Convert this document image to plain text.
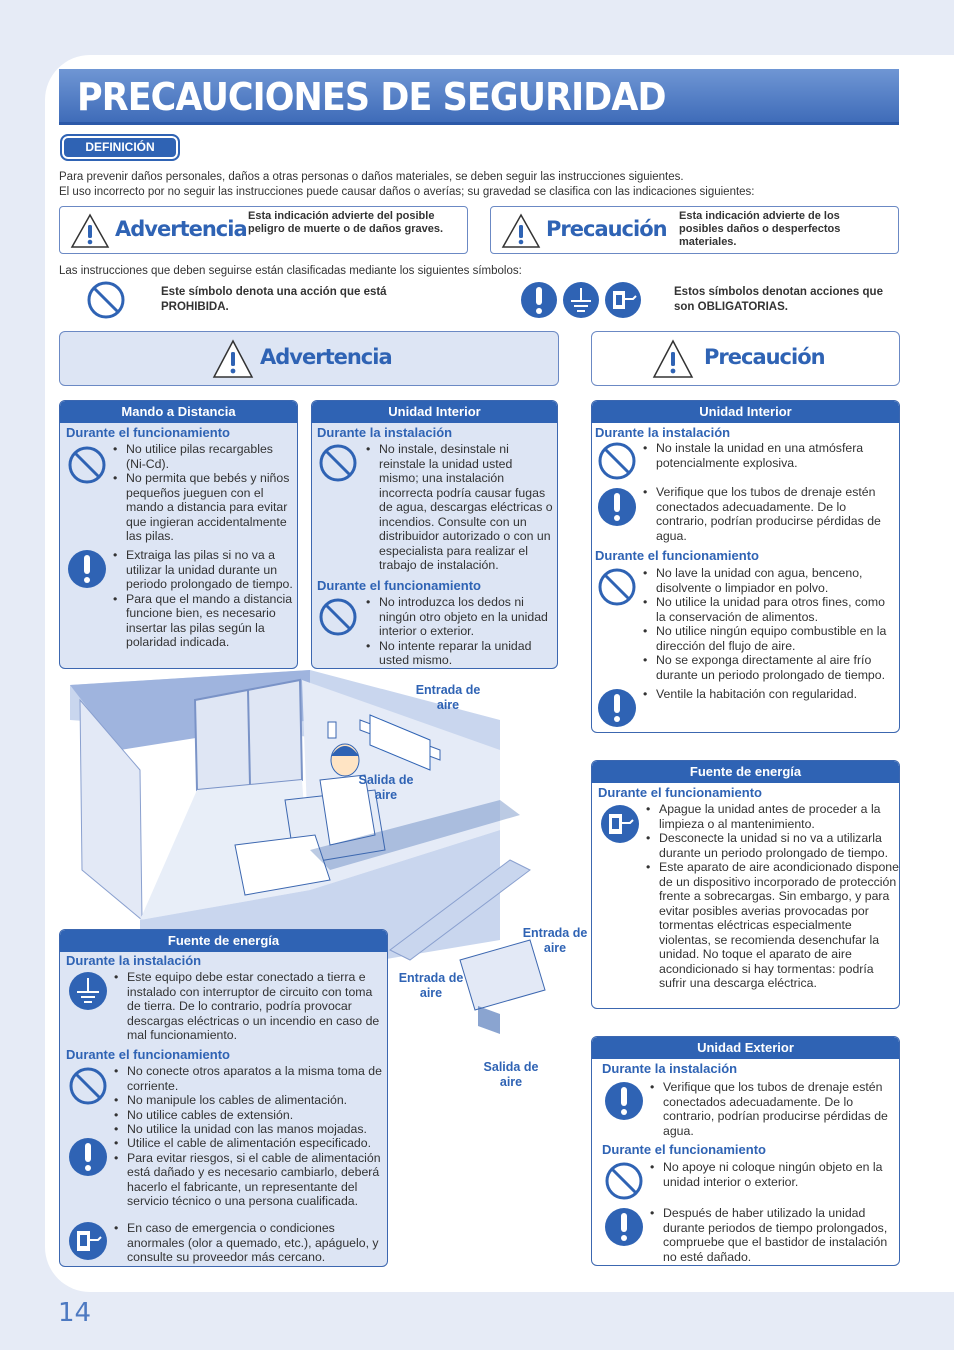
PRECAUCIONES DE SEGURIDAD
DEFINICIÓN
Para prevenir daños personales, daños a otras personas o daños materiales, se deben seguir las instrucciones siguientes.
El uso incorrecto por no seguir las instrucciones puede causar daños o averías; su gravedad se clasifica con las indicaciones siguientes:
Advertencia
Esta indicación advierte del posible peligro de muerte o de daños graves.	Precaución
Esta indicación advierte de los posibles daños o desperfectos materiales.
Las instrucciones que deben seguirse están clasificadas mediante los siguientes símbolos:
Este símbolo denota una acción que está PROHIBIDA.
Estos símbolos denotan acciones que son OBLIGATORIAS.
Advertencia	Precaución
Entrada de aire
Salida de aire
Entrada de aire
Entrada de aire
Salida de aire
Mando a Distancia
Durante el funcionamiento
• No utilice pilas recargables (Ni-Cd).
• No permita que bebés y niños pequeños jueguen con el mando a distancia para evitar que ingieran accidentalmente las pilas.
• Extraiga las pilas si no va a utilizar la unidad durante un periodo prolongado de tiempo.
• Para que el mando a distancia funcione bien, es necesario insertar las pilas según la polaridad indicada.
Unidad Interior
Durante la instalación
• No instale, desinstale ni reinstale la unidad usted mismo; una instalación incorrecta podría causar fugas de agua, descargas eléctricas o incendios. Consulte con un distribuidor autorizado o con un especialista para realizar el trabajo de instalación.
Durante el funcionamiento
• No introduzca los dedos ni ningún otro objeto en la unidad interior o exterior.
• No intente reparar la unidad usted mismo.
Unidad Interior
Durante la instalación
• No instale la unidad en una atmósfera potencialmente explosiva.
• Verifique que los tubos de drenaje estén conectados adecuadamente. De lo contrario, podrían producirse pérdidas de agua.
Durante el funcionamiento
• No lave la unidad con agua, benceno, disolvente o limpiador en polvo.
• No utilice la unidad para otros fines, como la conservación de alimentos.
• No utilice ningún equipo combustible en la dirección del flujo de aire.
• No se exponga directamente al aire frío durante un periodo prolongado de tiempo.
• Ventile la habitación con regularidad.
Fuente de energía
Durante el funcionamiento
• Apague la unidad antes de proceder a la limpieza o al mantenimiento.
• Desconecte la unidad si no va a utilizarla durante un periodo prolongado de tiempo.
• Este aparato de aire acondicionado dispone de un dispositivo incorporado de protección frente a sobrecargas. Sin embargo, y para evitar posibles averias provocadas por tormentas eléctricas especialmente violentas, se recomienda desenchufar la unidad. No toque el aparato de aire acondicionado si hay tormentas: podría sufrir una descarga eléctrica.
Unidad Exterior
Durante la instalación
• Verifique que los tubos de drenaje estén conectados adecuadamente. De lo contrario, podrían producirse pérdidas de agua.
Durante el funcionamiento
• No apoye ni coloque ningún objeto en la unidad interior o exterior.
• Después de haber utilizado la unidad durante periodos de tiempo prolongados, compruebe que el bastidor de instalación no esté dañado.
Fuente de energía
Durante la instalación
• Este equipo debe estar conectado a tierra e instalado con interruptor de circuito con toma de tierra. De lo contrario, podría provocar descargas eléctricas o un incendio en caso de mal funcionamiento.
Durante el funcionamiento
• No conecte otros aparatos a la misma toma de corriente.
• No manipule los cables de alimentación.
• No utilice cables de extensión.
• No utilice la unidad con las manos mojadas.
• Utilice el cable de alimentación especificado.
• Para evitar riesgos, si el cable de alimentación está dañado y es necesario cambiarlo, deberá hacerlo el fabricante, un representante del servicio técnico o una persona cualificada.
• En caso de emergencia o condiciones anormales (olor a quemado, etc.), apáguelo, y consulte su proveedor más cercano.
14
